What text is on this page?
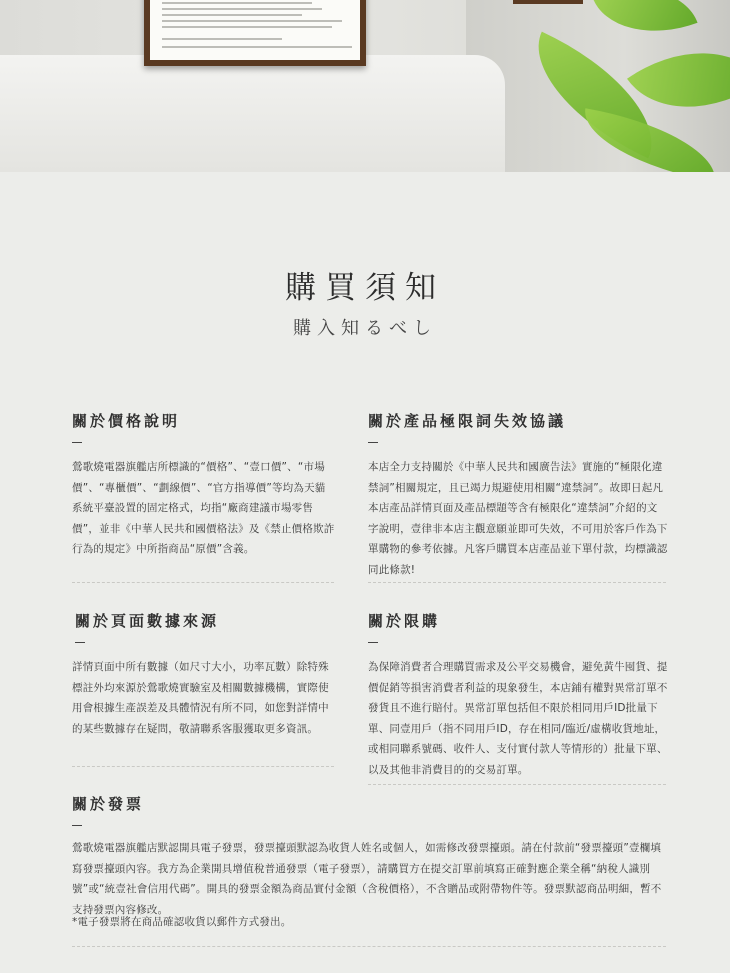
購買須知
購入知るべし
關於價格說明
鶯歌燒電器旗艦店所標識的“價格”、“壹口價”、“市場價”、“專櫃價”、“劃線價”、“官方指導價”等均為天貓系統平臺設置的固定格式，均指“廠商建議市場零售價”，並非《中華人民共和國價格法》及《禁止價格欺詐行為的規定》中所指商品“原價”含義。
關於產品極限詞失效協議
本店全力支持關於《中華人民共和國廣告法》實施的“極限化違禁詞”相關規定，且已竭力規避使用相關“違禁詞”。故即日起凡本店產品詳情頁面及產品標題等含有極限化“違禁詞”介紹的文字說明，壹律非本店主觀意願並即可失效，不可用於客戶作為下單購物的參考依據。凡客戶購買本店產品並下單付款，均標識認同此條款!
關於頁面數據來源
詳情頁面中所有數據（如尺寸大小，功率瓦數）除特殊標註外均來源於鶯歌燒實驗室及相關數據機構，實際使用會根據生產誤差及具體情況有所不同，如您對詳情中的某些數據存在疑問，敬請聯系客服獲取更多資訊。
關於限購
為保障消費者合理購買需求及公平交易機會，避免黃牛囤貨、提價促銷等損害消費者利益的現象發生，本店鋪有權對異常訂單不發貨且不進行賠付。異常訂單包括但不限於相同用戶ID批量下單、同壹用戶（指不同用戶ID，存在相同/臨近/虛構收貨地址，或相同聯系號碼、收件人、支付實付款人等情形的）批量下單、以及其他非消費目的的交易訂單。
關於發票
鶯歌燒電器旗艦店默認開具電子發票，發票擡頭默認為收貨人姓名或個人，如需修改發票擡頭。請在付款前“發票擡頭”壹欄填寫發票擡頭內容。我方為企業開具增值稅普通發票（電子發票），請購買方在提交訂單前填寫正確對應企業全稱“納稅人識別號”或“統壹社會信用代碼”。開具的發票金額為商品實付金額（含稅價格），不含贈品或附帶物件等。發票默認商品明細，暫不支持發票內容修改。
*電子發票將在商品確認收貨以郵件方式發出。
